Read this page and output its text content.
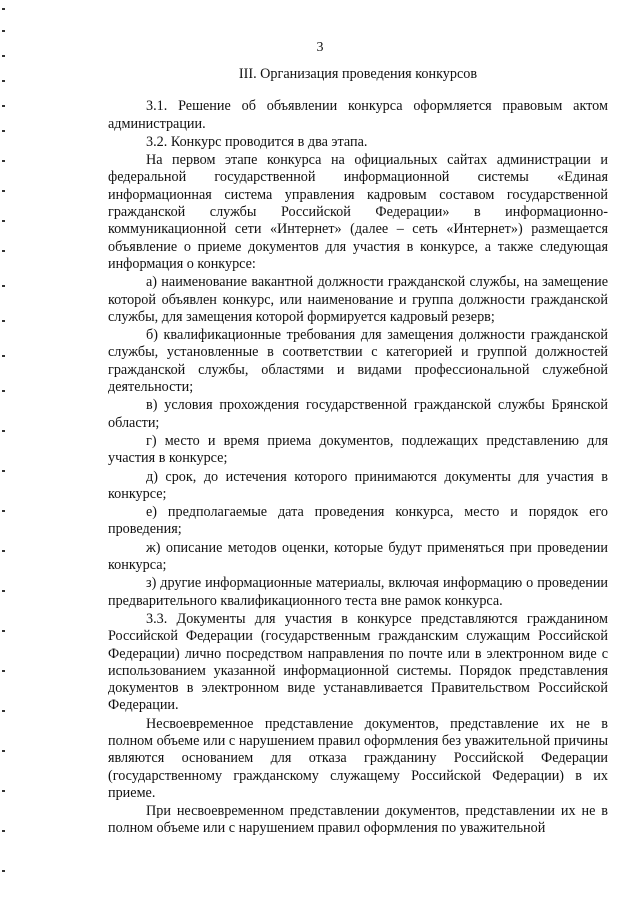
3
III. Организация проведения конкурсов

3.1. Решение об объявлении конкурса оформляется правовым актом администрации.

3.2. Конкурс проводится в два этапа.

На первом этапе конкурса на официальных сайтах администрации и федеральной государственной информационной системы «Единая информационная система управления кадровым составом государственной гражданской службы Российской Федерации» в информационно-коммуникационной сети «Интернет» (далее – сеть «Интернет») размещается объявление о приеме документов для участия в конкурсе, а также следующая информация о конкурсе:

а) наименование вакантной должности гражданской службы, на замещение которой объявлен конкурс, или наименование и группа должности гражданской службы, для замещения которой формируется кадровый резерв;

б) квалификационные требования для замещения должности гражданской службы, установленные в соответствии с категорией и группой должностей гражданской службы, областями и видами профессиональной служебной деятельности;

в) условия прохождения государственной гражданской службы Брянской области;

г) место и время приема документов, подлежащих представлению для участия в конкурсе;

д) срок, до истечения которого принимаются документы для участия в конкурсе;

е) предполагаемые дата проведения конкурса, место и порядок его проведения;

ж) описание методов оценки, которые будут применяться при проведении конкурса;

з) другие информационные материалы, включая информацию о проведении предварительного квалификационного теста вне рамок конкурса.

3.3. Документы для участия в конкурсе представляются гражданином Российской Федерации (государственным гражданским служащим Российской Федерации) лично посредством направления по почте или в электронном виде с использованием указанной информационной системы. Порядок представления документов в электронном виде устанавливается Правительством Российской Федерации.

Несвоевременное представление документов, представление их не в полном объеме или с нарушением правил оформления без уважительной причины являются основанием для отказа гражданину Российской Федерации (государственному гражданскому служащему Российской Федерации) в их приеме.

При несвоевременном представлении документов, представлении их не в полном объеме или с нарушением правил оформления по уважительной
